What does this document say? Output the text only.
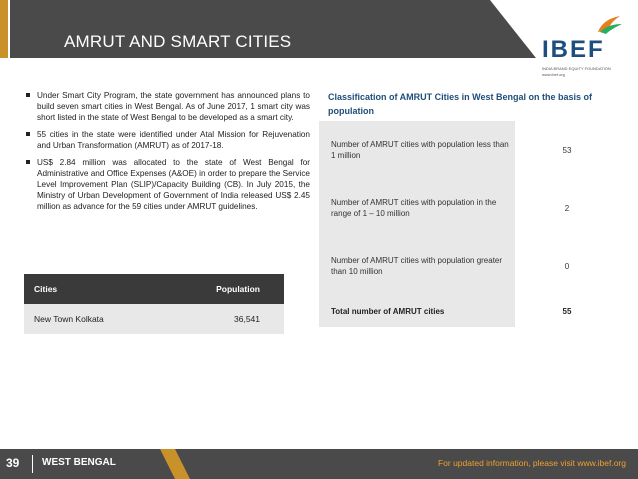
AMRUT AND SMART CITIES	IBEF
INDIA BRAND EQUITY FOUNDATION
www.ibef.org
Under Smart City Program, the state government has announced plans to build seven smart cities in West Bengal. As of June 2017, 1 smart city was short listed in the state of West Bengal to be developed as a smart city.
55 cities in the state were identified under Atal Mission for Rejuvenation and Urban Transformation (AMRUT) as of 2017-18.
US$ 2.84 million was allocated to the state of West Bengal for Administrative and Office Expenses (A&OE) in order to prepare the Service Level Improvement Plan (SLIP)/Capacity Building (CB). In July 2015, the Ministry of Urban Development of Government of India released US$ 2.45 million as advance for the 59 cities under AMRUT guidelines.
Cities	Population
New Town Kolkata	36,541
Classification of AMRUT Cities in West Bengal on the basis of population
Number of AMRUT cities with population less than 1 million	53
Number of AMRUT cities with population in the range of 1 – 10 million	2
Number of AMRUT cities with population greater than 10 million	0
Total number of AMRUT cities	55
39 WEST BENGAL	For updated information, please visit www.ibef.org
